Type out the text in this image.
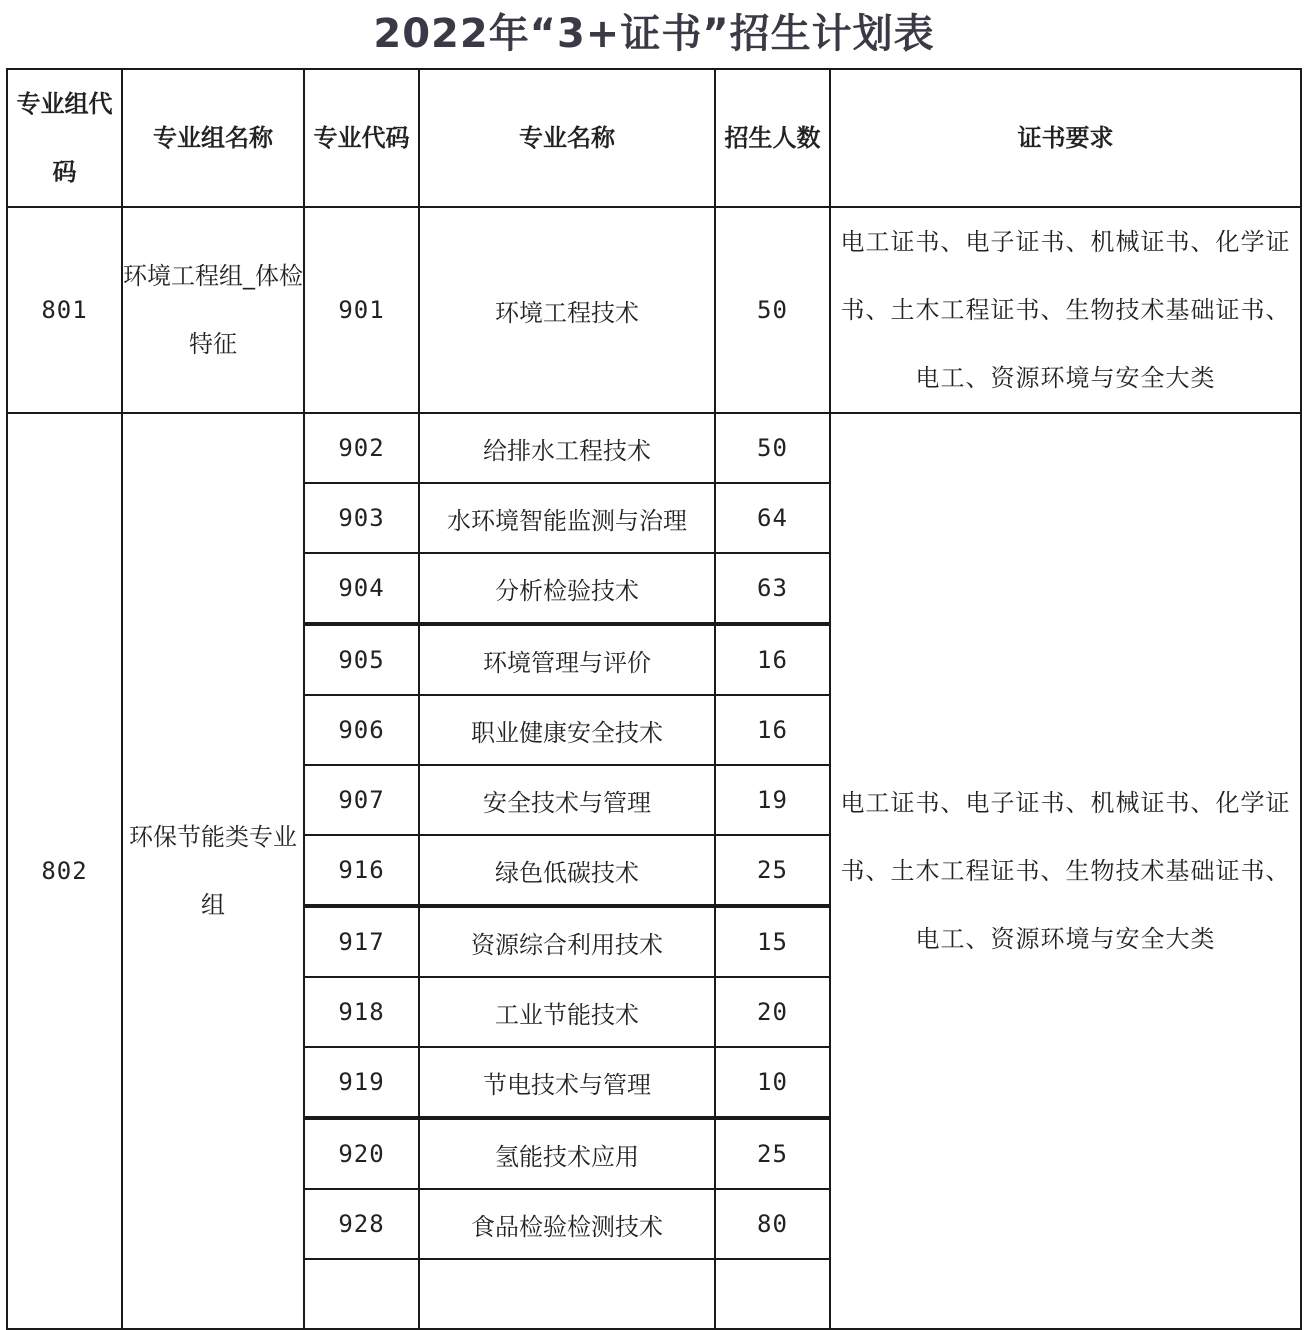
2022年“3+证书”招生计划表
专业组代码	专业组名称	专业代码	专业名称	招生人数	证书要求
801	环境工程组_体检特征	901	环境工程技术	50	电工证书、电子证书、机械证书、化学证书、土木工程证书、生物技术基础证书、电工、资源环境与安全大类
802	环保节能类专业组	902	给排水工程技术	50	电工证书、电子证书、机械证书、化学证书、土木工程证书、生物技术基础证书、电工、资源环境与安全大类
		903	水环境智能监测与治理	64	
		904	分析检验技术	63	
		905	环境管理与评价	16	
		906	职业健康安全技术	16	
		907	安全技术与管理	19	
		916	绿色低碳技术	25	
		917	资源综合利用技术	15	
		918	工业节能技术	20	
		919	节电技术与管理	10	
		920	氢能技术应用	25	
		928	食品检验检测技术	80	
